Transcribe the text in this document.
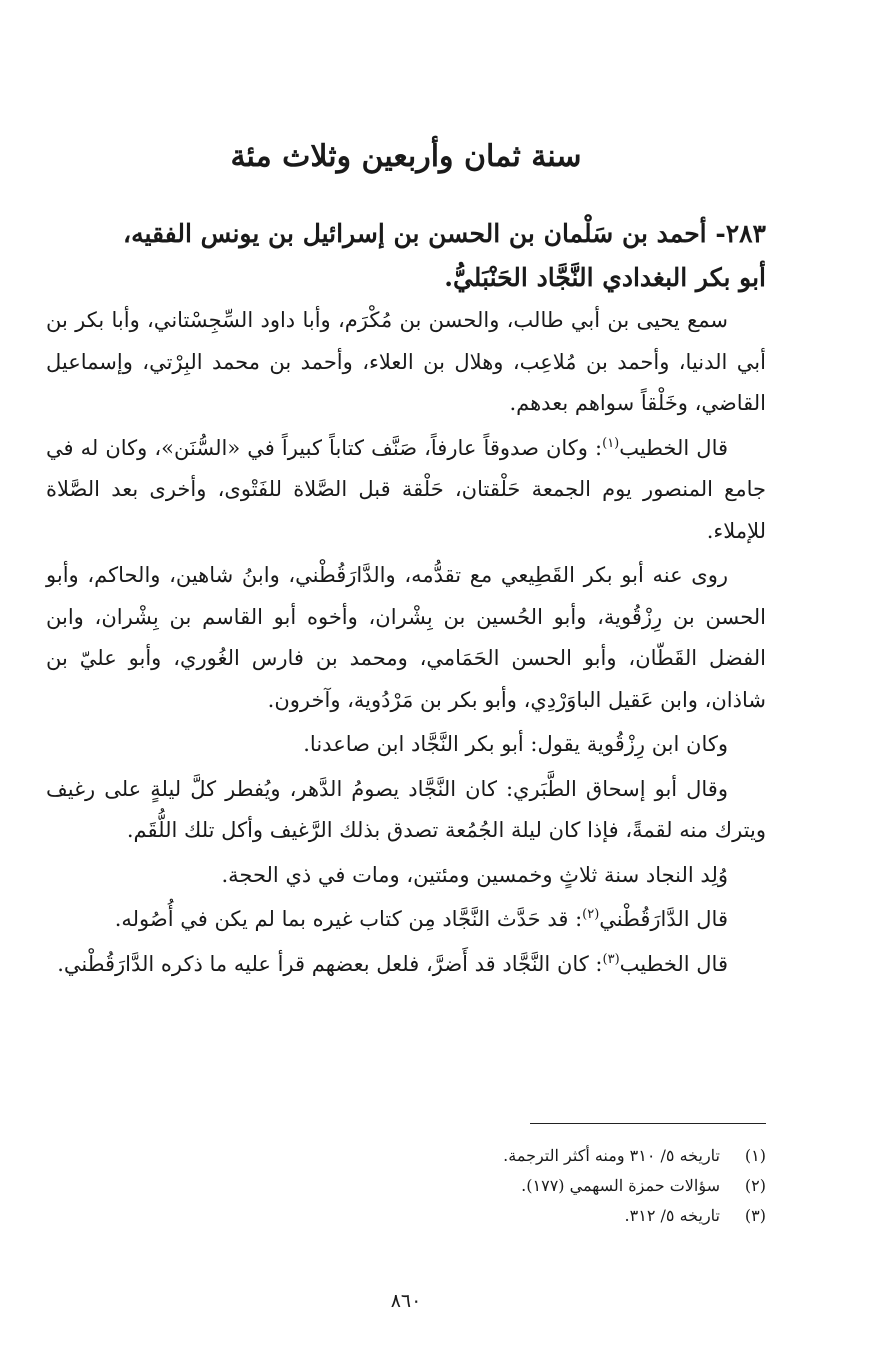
سنة ثمان وأربعين وثلاث مئة
٢٨٣- أحمد بن سَلْمان بن الحسن بن إسرائيل بن يونس الفقيه،
أبو بكر البغدادي النَّجَّاد الحَنْبَليُّ.

سمع يحيى بن أبي طالب، والحسن بن مُكْرَم، وأبا داود السِّجِسْتاني، وأبا بكر بن أبي الدنيا، وأحمد بن مُلاعِب، وهلال بن العلاء، وأحمد بن محمد البِرْتي، وإسماعيل القاضي، وخَلْقاً سواهم بعدهم.

قال الخطيب$^{(١)}$: وكان صدوقاً عارفاً، صَنَّف كتاباً كبيراً في «السُّنَن»، وكان له في جامع المنصور يوم الجمعة حَلْقتان، حَلْقة قبل الصَّلاة للفَتْوى، وأخرى بعد الصَّلاة للإملاء.

روى عنه أبو بكر القَطِيعي مع تقدُّمه، والدَّارَقُطْني، وابنُ شاهين، والحاكم، وأبو الحسن بن رِزْقُوية، وأبو الحُسين بن بِشْران، وأخوه أبو القاسم بن بِشْران، وابن الفضل القَطّان، وأبو الحسن الحَمَامي، ومحمد بن فارس الغُوري، وأبو عليّ بن شاذان، وابن عَقيل الباوَرْدِي، وأبو بكر بن مَرْدُوية، وآخرون.

وكان ابن رِزْقُوية يقول: أبو بكر النَّجَّاد ابن صاعدنا.

وقال أبو إسحاق الطَّبَري: كان النَّجَّاد يصومُ الدَّهر، ويُفطر كلَّ ليلةٍ على رغيف ويترك منه لقمةً، فإذا كان ليلة الجُمُعة تصدق بذلك الرَّغيف وأكل تلك اللُّقَم.

وُلِد النجاد سنة ثلاثٍ وخمسين ومئتين، ومات في ذي الحجة.

قال الدَّارَقُطْني$^{(٢)}$: قد حَدَّث النَّجَّاد مِن كتاب غيره بما لم يكن في أُصُوله.

قال الخطيب$^{(٣)}$: كان النَّجَّاد قد أَضرَّ، فلعل بعضهم قرأ عليه ما ذكره الدَّارَقُطْني.

(١)
تاريخه ٥/ ٣١٠ ومنه أكثر الترجمة.
(٢)
سؤالات حمزة السهمي (١٧٧).
(٣)
تاريخه ٥/ ٣١٢.

٨٦٠
